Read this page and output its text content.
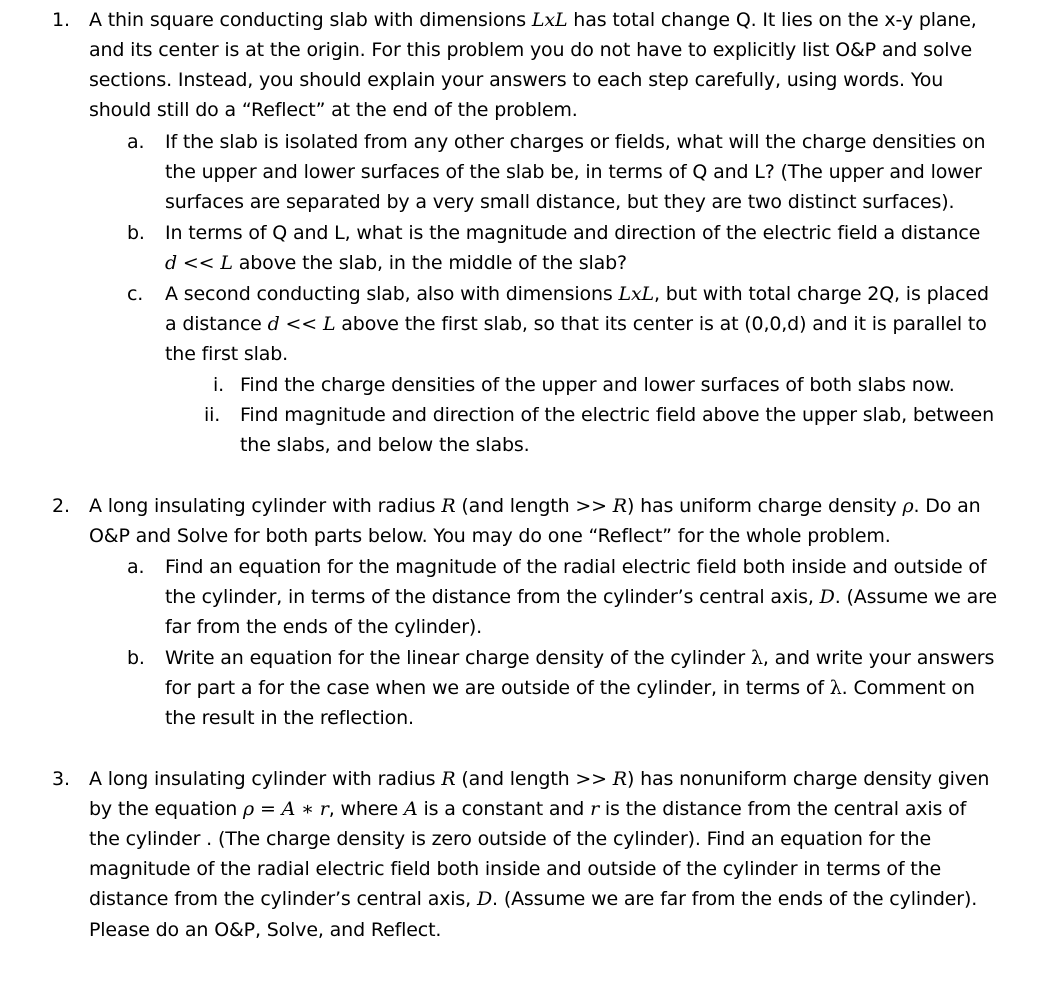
1. A thin square conducting slab with dimensions LxL has total change Q. It lies on the x-y plane,
and its center is at the origin. For this problem you do not have to explicitly list O&P and solve
sections. Instead, you should explain your answers to each step carefully, using words. You
should still do a “Reflect” at the end of the problem.
a. If the slab is isolated from any other charges or fields, what will the charge densities on
the upper and lower surfaces of the slab be, in terms of Q and L? (The upper and lower
surfaces are separated by a very small distance, but they are two distinct surfaces).
b. In terms of Q and L, what is the magnitude and direction of the electric field a distance
d << L above the slab, in the middle of the slab?
c. A second conducting slab, also with dimensions LxL, but with total charge 2Q, is placed
a distance d << L above the first slab, so that its center is at (0,0,d) and it is parallel to
the first slab.
i. Find the charge densities of the upper and lower surfaces of both slabs now.
ii. Find magnitude and direction of the electric field above the upper slab, between
the slabs, and below the slabs.
2. A long insulating cylinder with radius R (and length >> R) has uniform charge density ρ. Do an
O&P and Solve for both parts below. You may do one “Reflect” for the whole problem.
a. Find an equation for the magnitude of the radial electric field both inside and outside of
the cylinder, in terms of the distance from the cylinder’s central axis, D. (Assume we are
far from the ends of the cylinder).
b. Write an equation for the linear charge density of the cylinder λ, and write your answers
for part a for the case when we are outside of the cylinder, in terms of λ. Comment on
the result in the reflection.
3. A long insulating cylinder with radius R (and length >> R) has nonuniform charge density given
by the equation ρ = A ∗ r, where A is a constant and r is the distance from the central axis of
the cylinder . (The charge density is zero outside of the cylinder). Find an equation for the
magnitude of the radial electric field both inside and outside of the cylinder in terms of the
distance from the cylinder’s central axis, D. (Assume we are far from the ends of the cylinder).
Please do an O&P, Solve, and Reflect.
